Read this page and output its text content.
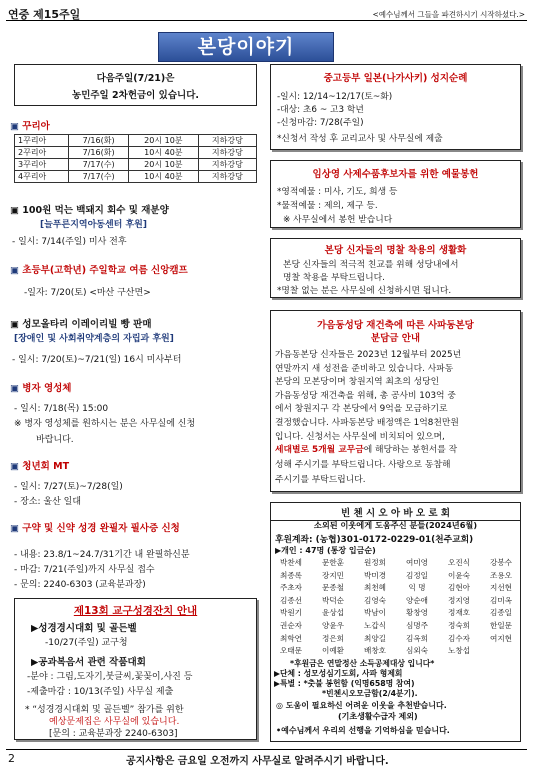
연중 제15주일	<예수님께서 그들을 파견하시기 시작하셨다.>
본당이야기
다음주일(7/21)은
농민주일 2차헌금이 있습니다.
▣ 꾸리아
1꾸리아	7/16(화)	20시 10분	지하강당
2꾸리아	7/16(화)	10시 40분	지하강당
3꾸리아	7/17(수)	20시 10분	지하강당
4꾸리아	7/17(수)	10시 40분	지하강당
▣ 100원 먹는 백돼지 회수 및 재분양
[늘푸른지역아동센터 후원]
- 일시: 7/14(주일) 미사 전후
▣ 초등부(고학년) 주일학교 여름 신앙캠프
-일자: 7/20(토) <마산 구산면>
▣ 성모올타리 이레이리빌 빵 판매
[장애인 및 사회취약계층의 자립과 후원]
- 일시: 7/20(토)~7/21(일) 16시 미사부터
▣ 병자 영성체
- 일시: 7/18(목) 15:00
※ 병자 영성체를 원하시는 분은 사무실에 신청
바랍니다.
▣ 청년회 MT
- 일시: 7/27(토)~7/28(일)
- 장소: 울산 일대
▣ 구약 및 신약 성경 완필자 필사증 신청
- 내용: 23.8/1~24.7/31기간 내 완필하신분
- 마감: 7/21(주일)까지 사무실 접수
- 문의: 2240-6303 (교육분과장)
제13회 교구성경잔치 안내
▶성경경시대회 및 골든벨
-10/27(주일) 교구청
▶공과복음서 관련 작품대회
-분야 : 그림,도자기,붓글씨,꽃꽂이,사진 등
-제출마감 : 10/13(주일) 사무실 제출
* “성경경시대회 및 골든벨” 참가를 위한
예상문제집은 사무실에 있습니다.
[문의 : 교육분과장 2240-6303]
중고등부 일본(나가사키) 성지순례
-일시: 12/14~12/17(토~화)
-대상: 초6 ~ 고3 학년
-신청마감: 7/28(주일)
*신청서 작성 후 교리교사 및 사무실에 제출
임상영 사제수품후보자를 위한 예물봉헌
*영적예물 : 미사, 기도, 희생 등
*물적예물 : 제의, 제구 등.
※ 사무실에서 봉헌 받습니다
본당 신자들의 명찰 착용의 생활화
본당 신자들의 적극적 친교를 위해 성당내에서
명찰 착용을 부탁드립니다.
*명찰 없는 분은 사무실에 신청하시면 됩니다.
가음동성당 재건축에 따른 사파동본당
분담금 안내
가음동본당 신자들은 2023년 12월부터 2025년
연말까지 새 성전을 준비하고 있습니다. 사파동
본당의 모본당이며 창원지역 최초의 성당인
가음동성당 재건축을 위해, 총 공사비 103억 중
에서 창원지구 각 본당에서 9억을 모금하기로
결정했습니다. 사파동본당 배정액은 1억8천만원
입니다. 신청서는 사무실에 비치되어 있으며,
세대별로 5개월 교무금에 해당하는 봉헌서를 작
성해 주시기를 부탁드립니다. 사랑으로 동참해
주시기를 부탁드립니다.
빈 첸 시 오 아 바 오 로 회
소외된 이웃에게 도움주신 분들(2024년6월)
후원계좌: (농협)301-0172-0229-01(천주교회)
▶개인 : 47명 (통장 입금순)
박찬세	문한훈	원정희	여미영	오진식	강봉수
최종록	장지민	박미경	김정일	이윤숙	조용오
주초자	문종철	최천혜	익 명	김현아	지선현
김종선	박덕순	김영숙	양순애	정지영	김미옥
박원기	윤상섭	박남이	황창영	정재호	김종일
권순자	양윤우	노갑식	심명주	정숙희	한일문
최학연	정은희	최양길	김옥희	김수자	여지현
오태문	이예환	배창호	심외숙	노창섭
*후원금은 연말정산 소득공제대상 입니다*
▶단체 : 성모성심기도회, 사파 형제회
▶특별 : *춧불 봉헌함 (익명658명 참여)
*빈첸시오모금함(2/4분기).
◎ 도움이 필요하신 어려운 이웃을 추천받습니다.
(기초생활수급자 제외)
•예수님께서 우리의 선행을 기억하심을 믿습니다.
2	공지사항은 금요일 오전까지 사무실로 알려주시기 바랍니다.
